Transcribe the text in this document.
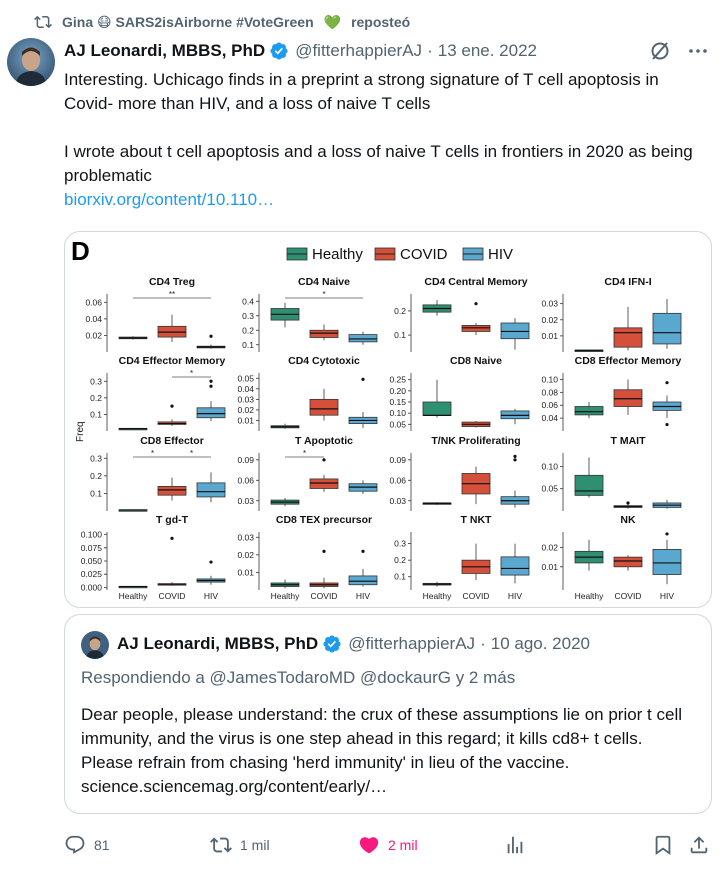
Gina 😷 SARS2isAirborne #VoteGreen 💚 reposteó
AJ Leonardi, MBBS, PhD @fitterhappierAJ · 13 ene. 2022

Interesting. Uchicago finds in a preprint a strong signature of T cell apoptosis in Covid- more than HIV, and a loss of naive T cells

I wrote about t cell apoptosis and a loss of naive T cells in frontiers in 2020 as being problematic

biorxiv.org/content/10.110…

D	Healthy COVID	HIV
Freq
CD4 Treg
0.06
0.04
0.02
**
CD4 Naive
0.4
0.3
0.2
0.1
*
CD4 Central Memory
0.2
0.1
CD4 IFN-I
0.03
0.02
0.01
CD4 Effector Memory
0.3
0.2
0.1
*
CD4 Cytotoxic
0.05
0.04
0.03
0.02
0.01
CD8 Naive
0.25
0.20
0.15
0.10
0.05
CD8 Effector Memory
0.10
0.08
0.06
0.04
CD8 Effector
0.3
0.2
0.1
*	*
T Apoptotic
0.09
0.06
0.03
*
T/NK Proliferating
0.09
0.06
0.03
T MAIT
0.10
0.05
T gd-T
0.100
0.075
0.050
0.025
0.000
Healthy COVID HIV
CD8 TEX precursor
0.03
0.02
0.01
Healthy COVID HIV
T NKT
0.3
0.2
0.1
Healthy COVID HIV
NK
0.02
0.01
Healthy COVID HIV
AJ Leonardi, MBBS, PhD @fitterhappierAJ · 10 ago. 2020
Respondiendo a @JamesTodaroMD @dockaurG y 2 más
Dear people, please understand: the crux of these assumptions lie on prior t cell immunity, and the virus is one step ahead in this regard; it kills cd8+ t cells. Please refrain from chasing 'herd immunity' in lieu of the vaccine. science.sciencemag.org/content/early/…
81	1 mil	2 mil
